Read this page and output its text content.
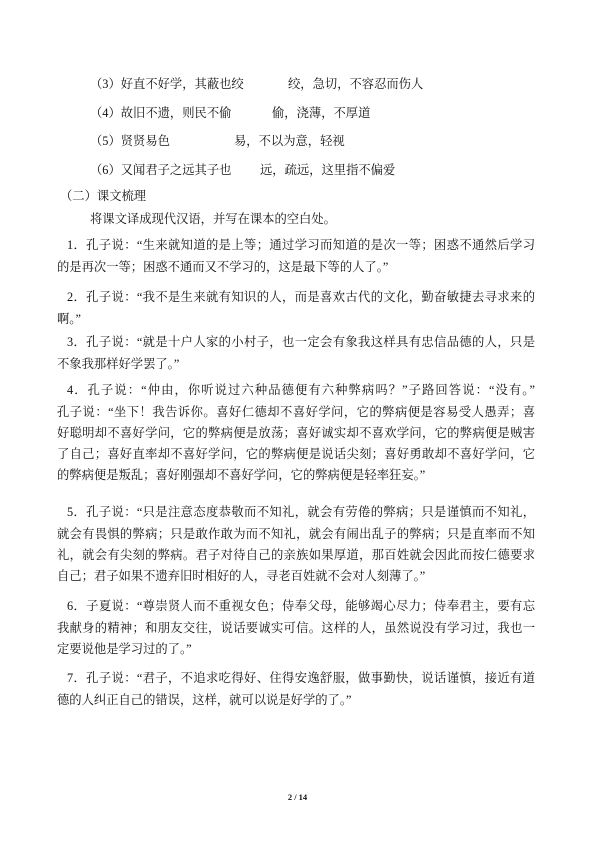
（3）好直不好学，其蔽也绞	绞，急切，不容忍而伤人
（4）故旧不遗，则民不偷	偷，浇薄，不厚道
（5）贤贤易色	易，不以为意，轻视
（6）又闻君子之远其子也 远，疏远，这里指不偏爱
（二）课文梳理
将课文译成现代汉语，并写在课本的空白处。
1．孔子说：“生来就知道的是上等；通过学习而知道的是次一等；困惑不通然后学习
的是再次一等；困惑不通而又不学习的，这是最下等的人了。”
2．孔子说：“我不是生来就有知识的人，而是喜欢古代的文化，勤奋敏捷去寻求来的
啊。”
3．孔子说：“就是十户人家的小村子，也一定会有象我这样具有忠信品德的人，只是
不象我那样好学罢了。”
4．孔子说：“仲由，你听说过六种品德便有六种弊病吗？”子路回答说：“没有。”
孔子说：“坐下！我告诉你。喜好仁德却不喜好学问，它的弊病便是容易受人愚弄；喜
好聪明却不喜好学问，它的弊病便是放荡；喜好诚实却不喜欢学问，它的弊病便是贼害
了自己；喜好直率却不喜好学问，它的弊病便是说话尖刻；喜好勇敢却不喜好学问，它
的弊病便是叛乱；喜好刚强却不喜好学问，它的弊病便是轻率狂妄。”
5．孔子说：“只是注意态度恭敬而不知礼，就会有劳倦的弊病；只是谨慎而不知礼，
就会有畏惧的弊病；只是敢作敢为而不知礼，就会有闹出乱子的弊病；只是直率而不知
礼，就会有尖刻的弊病。君子对待自己的亲族如果厚道，那百姓就会因此而按仁德要求
自己；君子如果不遗弃旧时相好的人，寻老百姓就不会对人刻薄了。”
6．子夏说：“尊崇贤人而不重视女色；侍奉父母，能够竭心尽力；侍奉君主，要有忘
我献身的精神；和朋友交往，说话要诚实可信。这样的人，虽然说没有学习过，我也一
定要说他是学习过的了。”
7．孔子说：“君子，不追求吃得好、住得安逸舒服，做事勤快，说话谨慎，接近有道
德的人纠正自己的错误，这样，就可以说是好学的了。”
2 / 14
